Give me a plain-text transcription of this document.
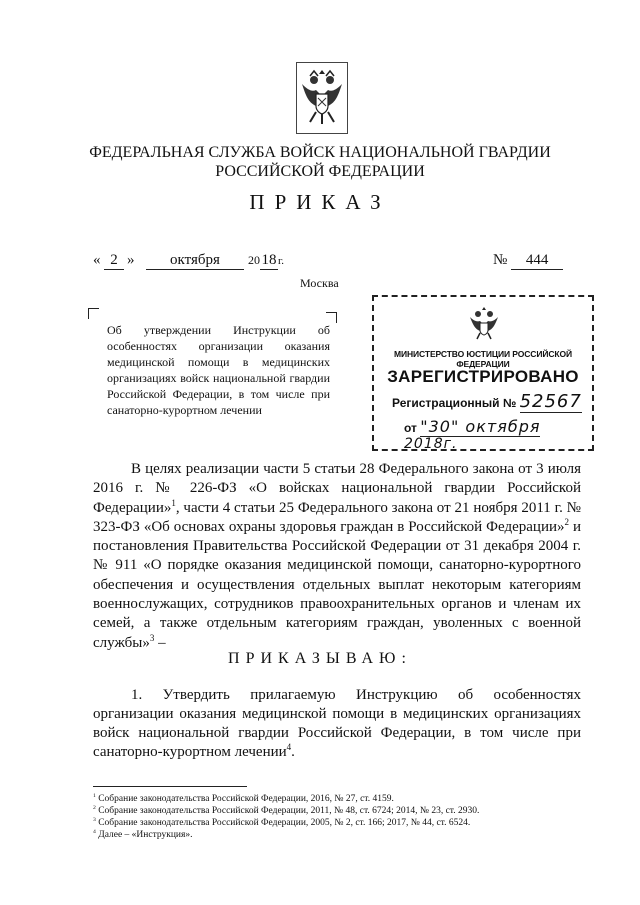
ФЕДЕРАЛЬНАЯ СЛУЖБА ВОЙСК НАЦИОНАЛЬНОЙ ГВАРДИИ
РОССИЙСКОЙ ФЕДЕРАЦИИ
ПРИКАЗ
« 2 »	октября	20 18 г.	№ 444
Москва
Об утверждении Инструкции об особенностях организации оказания медицинской помощи в медицинских организациях войск национальной гвардии Российской Федерации, в том числе при санаторно-курортном лечении
МИНИСТЕРСТВО ЮСТИЦИИ РОССИЙСКОЙ ФЕДЕРАЦИИ
ЗАРЕГИСТРИРОВАНО
Регистрационный № 52567
от "30" октября 2018г.
В целях реализации части 5 статьи 28 Федерального закона от 3 июля 2016 г. № 226-ФЗ «О войсках национальной гвардии Российской Федерации»$^1$, части 4 статьи 25 Федерального закона от 21 ноября 2011 г. № 323-ФЗ «Об основах охраны здоровья граждан в Российской Федерации»$^2$ и постановления Правительства Российской Федерации от 31 декабря 2004 г. № 911 «О порядке оказания медицинской помощи, санаторно-курортного обеспечения и осуществления отдельных выплат некоторым категориям военнослужащих, сотрудников правоохранительных органов и членам их семей, а также отдельным категориям граждан, уволенных с военной службы»$^3$ –
ПРИКАЗЫВАЮ:
1. Утвердить прилагаемую Инструкцию об особенностях организации оказания медицинской помощи в медицинских организациях войск национальной гвардии Российской Федерации, в том числе при санаторно-курортном лечении$^4$.
$^1$ Собрание законодательства Российской Федерации, 2016, № 27, ст. 4159.
$^2$ Собрание законодательства Российской Федерации, 2011, № 48, ст. 6724; 2014, № 23, ст. 2930.
$^3$ Собрание законодательства Российской Федерации, 2005, № 2, ст. 166; 2017, № 44, ст. 6524.
$^4$ Далее – «Инструкция».
